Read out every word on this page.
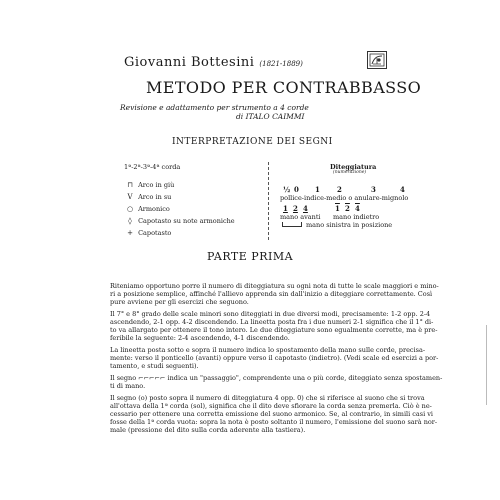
Giovanni Bottesini (1821-1889)
METODO PER CONTRABBASSO
Revisione e adattamento per strumento a 4 corde
di ITALO CAIMMI
INTERPRETAZIONE DEI SEGNI
1ª-2ª-3ª-4ª corda
⊓ Arco in giù
V Arco in su
○ Armonico
◊ Capotasto su note armoniche
+ Capotasto
Diteggiatura
(numerazione)
½ 0 1 2	3	4
pollice-indice-medio o anulare-mignolo
1 2 4	1 2 4
mano avanti mano indietro
mano sinistra in posizione
PARTE PRIMA
Riteniamo opportuno porre il numero di diteggiatura su ogni nota di tutte le scale maggiori e mino-
ri a posizione semplice, affinché l'allievo apprenda sin dall'inizio a diteggiare correttamente. Così
pure avviene per gli esercizi che seguono.
Il 7° e 8° grado delle scale minori sono diteggiati in due diversi modi, precisamente: 1-2 opp. 2-4
ascendendo, 2-1 opp. 4-2 discendendo. La lineetta posta fra i due numeri 2-1 significa che il 1° di-
to va allargato per ottenere il tono intero. Le due diteggiature sono egualmente corrette, ma è pre-
feribile la seguente: 2-4 ascendendo, 4-1 discendendo.
La lineetta posta sotto e sopra il numero indica lo spostamento della mano sulle corde, precisa-
mente: verso il ponticello (avanti) oppure verso il capotasto (indietro). (Vedi scale ed esercizi a por-
tamento, e studi seguenti).
Il segno ⌐⌐⌐⌐⌐ indica un "passaggio", comprendente una o più corde, diteggiato senza spostamen-
ti di mano.
Il segno (o) posto sopra il numero di diteggiatura 4 opp. 0) che si riferisce al suono che si trova
all'ottava della 1ª corda (sol), significa che il dito deve sfiorare la corda senza premerla. Ciò è ne-
cessario per ottenere una corretta emissione del suono armonico. Se, al contrario, in simili casi vi
fosse della 1ª corda vuota: sopra la nota è posto soltanto il numero, l'emissione del suono sarà nor-
male (pressione del dito sulla corda aderente alla tastiera).
